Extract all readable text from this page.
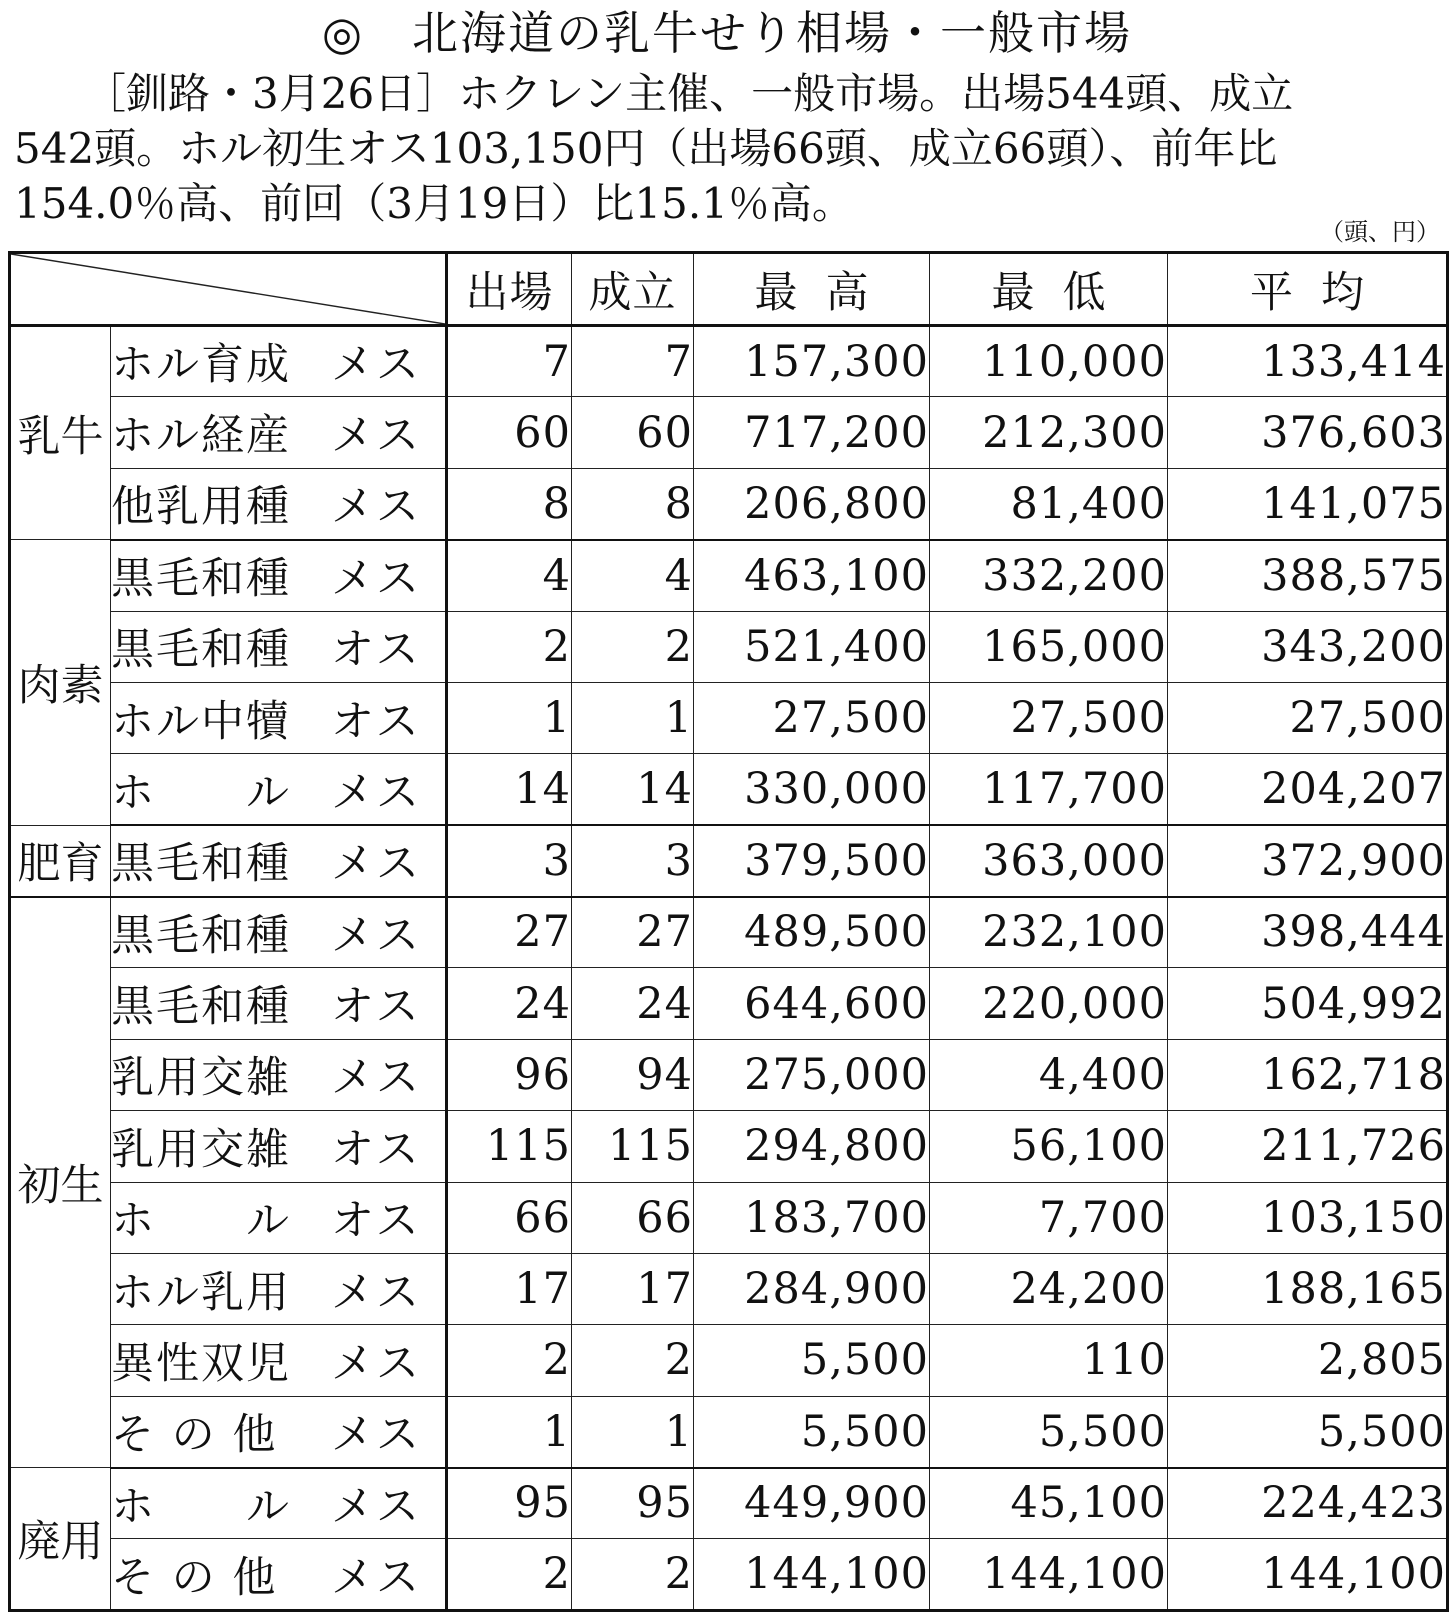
◎　北海道の乳牛せり相場・一般市場
［釧路・3月26日］ホクレン主催、一般市場。出場544頭、成立
542頭。ホル初生オス103,150円（出場66頭、成立66頭）、前年比
154.0％高、前回（3月19日）比15.1％高。
（頭、円）
	出場	成立	最高	最低	平均
乳牛	ホル育成 メス	7	7	157,300	110,000	133,414
	ホル経産 メス	60	60	717,200	212,300	376,603
	他乳用種 メス	8	8	206,800	81,400	141,075
肉素	黒毛和種 メス	4	4	463,100	332,200	388,575
	黒毛和種 オス	2	2	521,400	165,000	343,200
	ホル中犢 オス	1	1	27,500	27,500	27,500
	ホ　　ル メス	14	14	330,000	117,700	204,207
肥育	黒毛和種 メス	3	3	379,500	363,000	372,900
初生	黒毛和種 メス	27	27	489,500	232,100	398,444
	黒毛和種 オス	24	24	644,600	220,000	504,992
	乳用交雑 メス	96	94	275,000	4,400	162,718
	乳用交雑 オス	115	115	294,800	56,100	211,726
	ホ　　ル オス	66	66	183,700	7,700	103,150
	ホル乳用 メス	17	17	284,900	24,200	188,165
	異性双児 メス	2	2	5,500	110	2,805
	そ の 他 メス	1	1	5,500	5,500	5,500
廃用	ホ　　ル メス	95	95	449,900	45,100	224,423
	そ の 他 メス	2	2	144,100	144,100	144,100
